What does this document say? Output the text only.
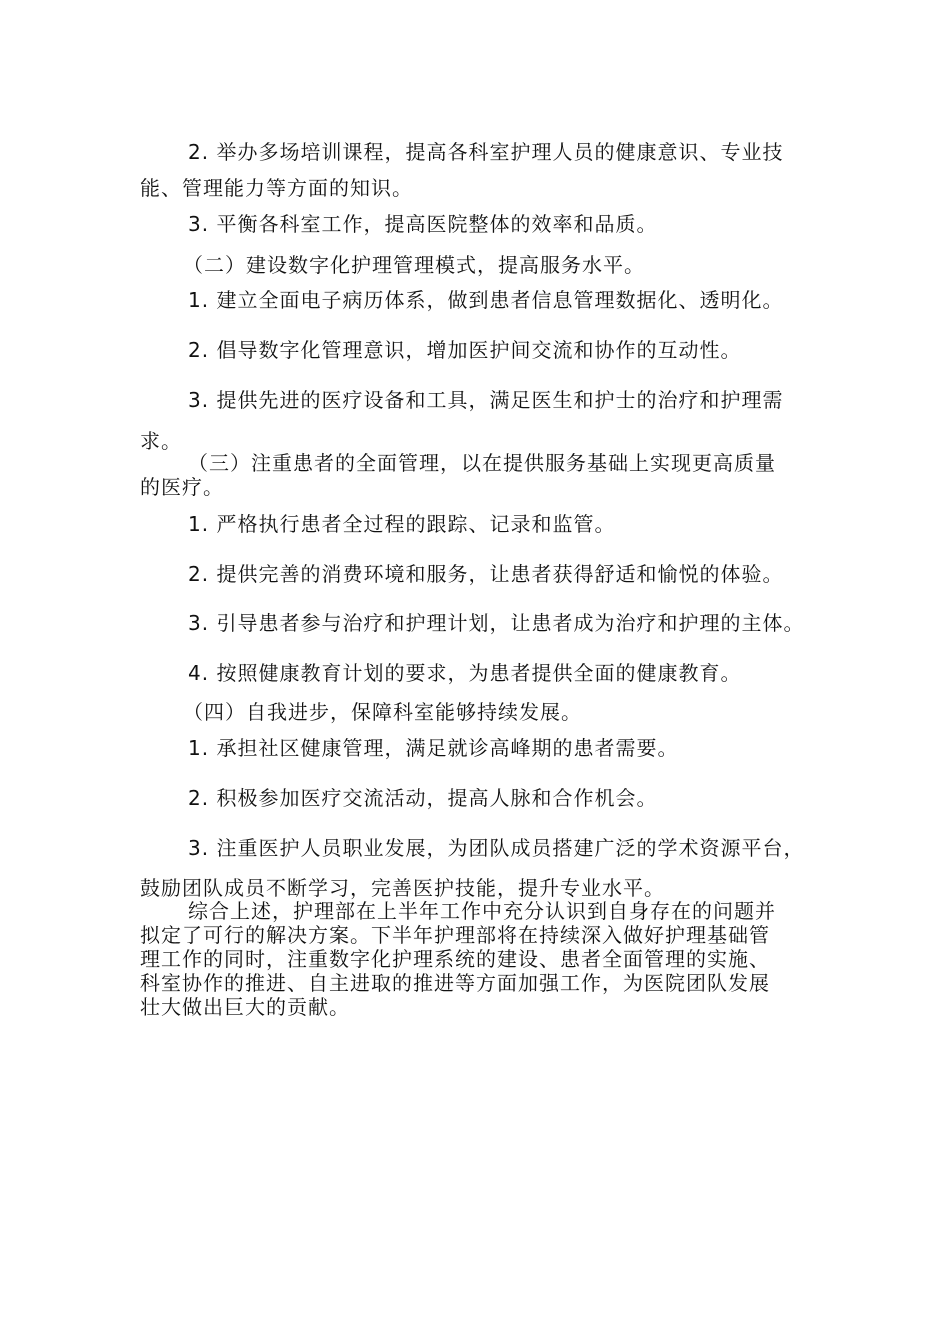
2. 举办多场培训课程，提高各科室护理人员的健康意识、专业技
能、管理能力等方面的知识。
3. 平衡各科室工作，提高医院整体的效率和品质。
（二）建设数字化护理管理模式，提高服务水平。
1. 建立全面电子病历体系，做到患者信息管理数据化、透明化。
2. 倡导数字化管理意识，增加医护间交流和协作的互动性。
3. 提供先进的医疗设备和工具，满足医生和护士的治疗和护理需
求。
（三）注重患者的全面管理，以在提供服务基础上实现更高质量
的医疗。
1. 严格执行患者全过程的跟踪、记录和监管。
2. 提供完善的消费环境和服务，让患者获得舒适和愉悦的体验。
3. 引导患者参与治疗和护理计划，让患者成为治疗和护理的主体。
4. 按照健康教育计划的要求，为患者提供全面的健康教育。
（四）自我进步，保障科室能够持续发展。
1. 承担社区健康管理，满足就诊高峰期的患者需要。
2. 积极参加医疗交流活动，提高人脉和合作机会。
3. 注重医护人员职业发展，为团队成员搭建广泛的学术资源平台，
鼓励团队成员不断学习，完善医护技能，提升专业水平。
综合上述，护理部在上半年工作中充分认识到自身存在的问题并
拟定了可行的解决方案。下半年护理部将在持续深入做好护理基础管
理工作的同时，注重数字化护理系统的建设、患者全面管理的实施、
科室协作的推进、自主进取的推进等方面加强工作，为医院团队发展
壮大做出巨大的贡献。
